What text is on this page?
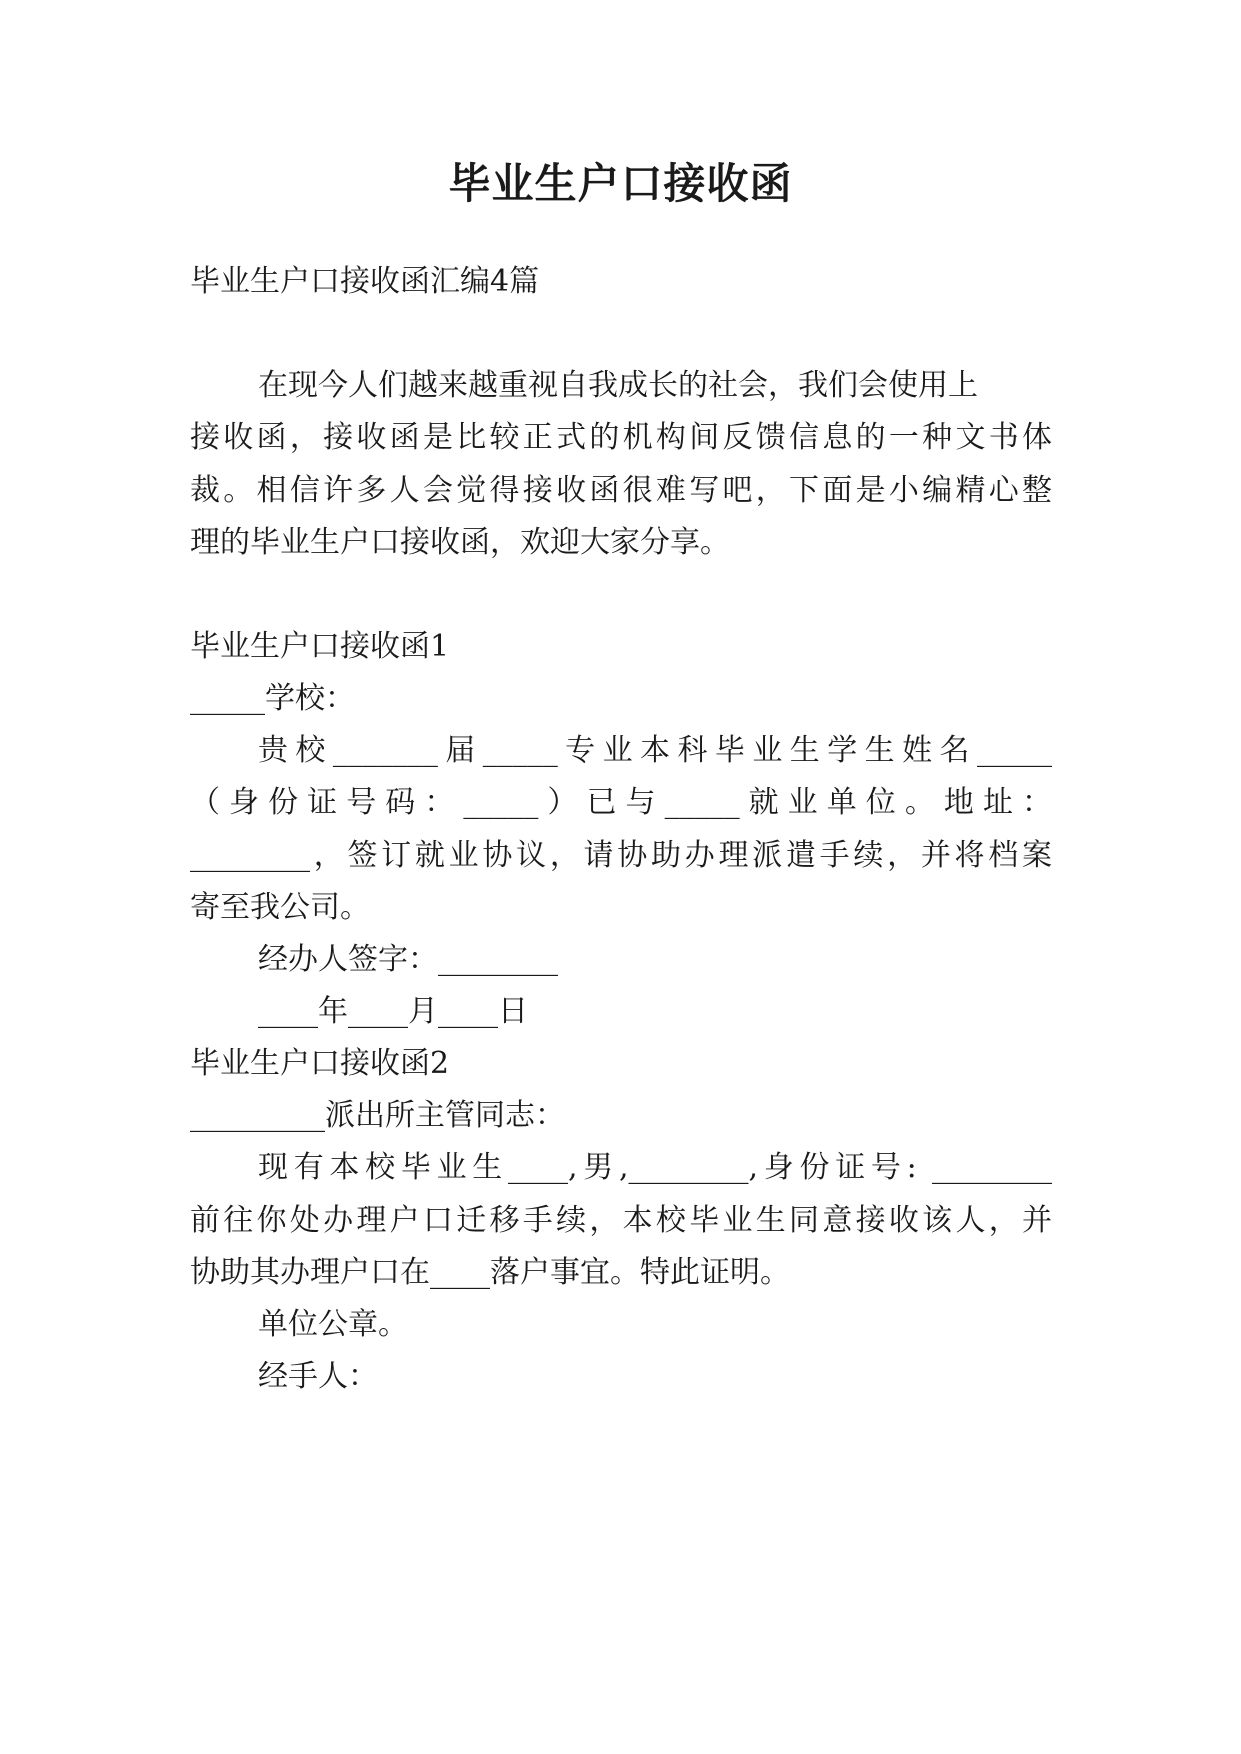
毕业生户口接收函
毕业生户口接收函汇编4篇
在现今人们越来越重视自我成长的社会，我们会使用上
接收函，接收函是比较正式的机构间反馈信息的一种文书体
裁。相信许多人会觉得接收函很难写吧，下面是小编精心整
理的毕业生户口接收函，欢迎大家分享。
毕业生户口接收函1
_____学校：
贵校_______届_____专业本科毕业生学生姓名_____
（身份证号码：_____）已与_____就业单位。地址：
________，签订就业协议，请协助办理派遣手续，并将档案
寄至我公司。
经办人签字：________
____年____月____日
毕业生户口接收函2
_________派出所主管同志：
现有本校毕业生____,男,________,身份证号: ________
前往你处办理户口迁移手续，本校毕业生同意接收该人，并
协助其办理户口在____落户事宜。特此证明。
单位公章。
经手人：
